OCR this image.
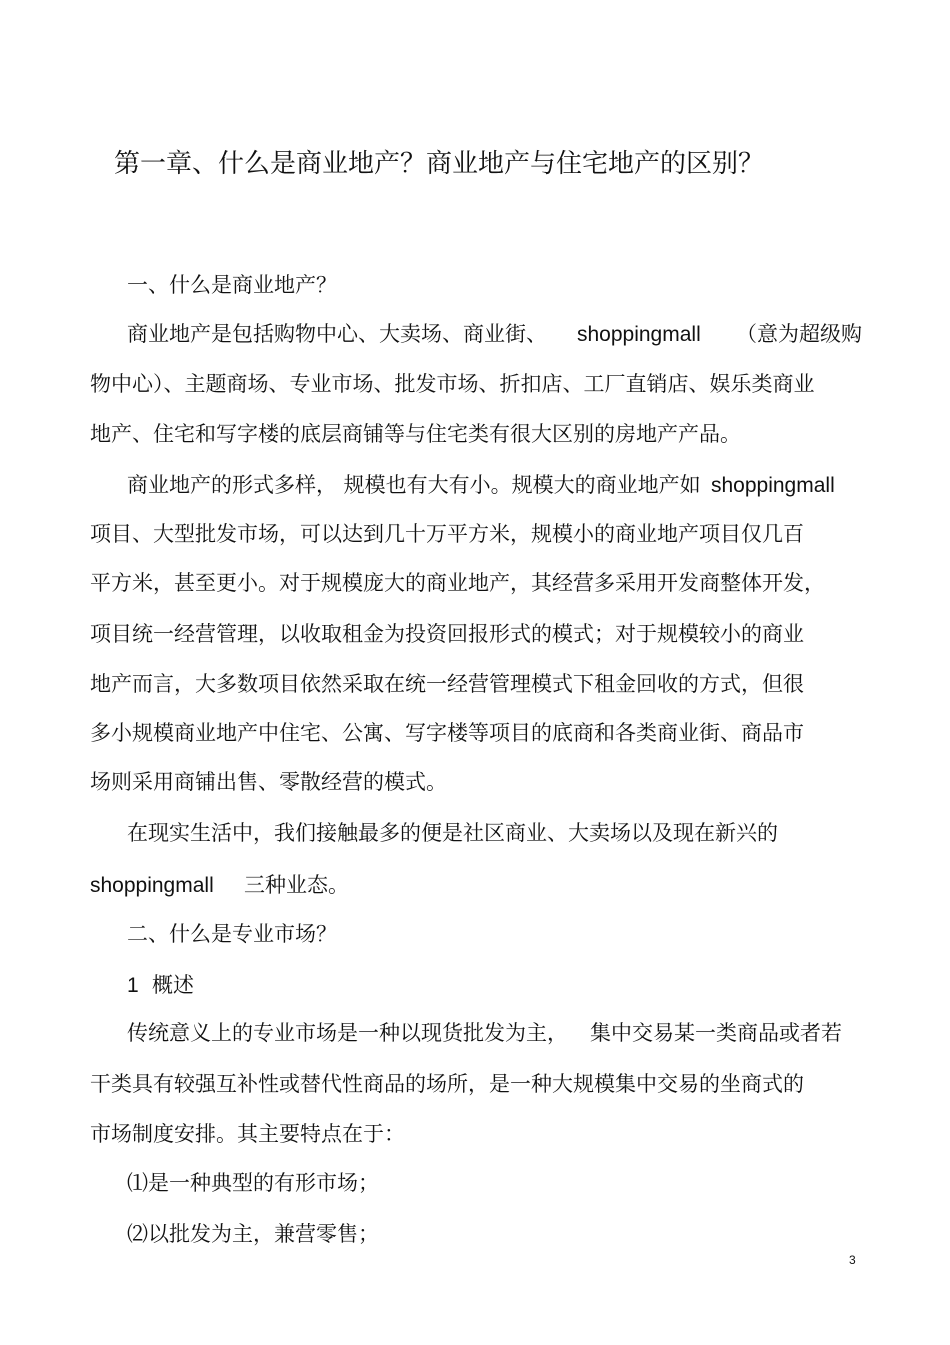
第一章、什么是商业地产？商业地产与住宅地产的区别？
一、什么是商业地产？
商业地产是包括购物中心、大卖场、商业街、 shoppingmall （意为超级购
物中心）、主题商场、专业市场、批发市场、折扣店、工厂直销店、娱乐类商业
地产、住宅和写字楼的底层商铺等与住宅类有很大区别的房地产产品。
商业地产的形式多样， 规模也有大有小。规模大的商业地产如 shoppingmall
项目、大型批发市场，可以达到几十万平方米，规模小的商业地产项目仅几百
平方米，甚至更小。对于规模庞大的商业地产，其经营多采用开发商整体开发，
项目统一经营管理，以收取租金为投资回报形式的模式；对于规模较小的商业
地产而言，大多数项目依然采取在统一经营管理模式下租金回收的方式，但很
多小规模商业地产中住宅、公寓、写字楼等项目的底商和各类商业街、商品市
场则采用商铺出售、零散经营的模式。
在现实生活中，我们接触最多的便是社区商业、大卖场以及现在新兴的
shoppingmall 三种业态。
二、什么是专业市场？
1 概述
传统意义上的专业市场是一种以现货批发为主， 集中交易某一类商品或者若
干类具有较强互补性或替代性商品的场所，是一种大规模集中交易的坐商式的
市场制度安排。其主要特点在于：
⑴是一种典型的有形市场；
⑵以批发为主，兼营零售；
3
